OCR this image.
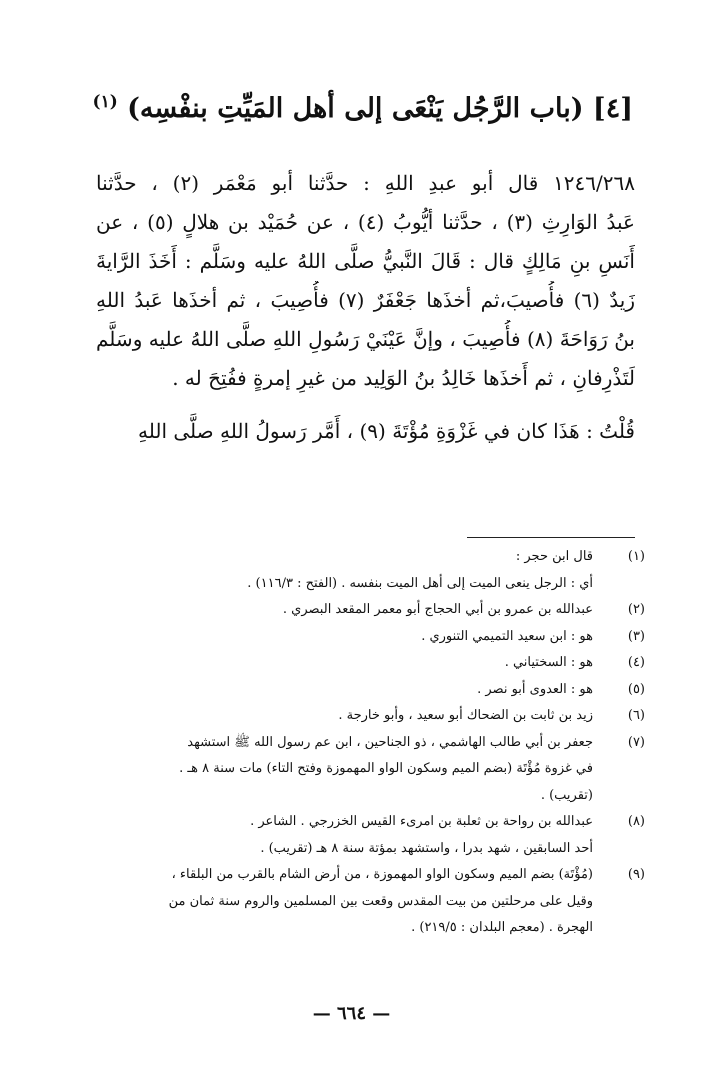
[٤] (باب الرَّجُل يَنْعَى إلى أهل المَيِّتِ بنفْسِه) $^{(١)}$
١٢٤٦/٢٦٨ قال أبو عبدِ اللهِ : حدَّثنا أبو مَعْمَر (٢) ، حدَّثنا
عَبدُ الوَارِثِ (٣) ، حدَّثنا أيُّوبُ (٤) ، عن حُمَيْد بن هلالٍ (٥) ، عن
أَنَسِ بنِ مَالِكٍ قال : قَالَ النَّبيُّ صلَّى اللهُ عليه وسَلَّم : أَخَذَ الرَّايةَ
زَيدٌ (٦) فأُصيبَ،ثم أخذَها جَعْفَرٌ (٧) فأُصِيبَ ، ثم أخذَها عَبدُ اللهِ
بنُ رَوَاحَةَ (٨) فأُصِيبَ ، وإنَّ عَيْنَيْ رَسُولِ اللهِ صلَّى اللهُ عليه وسَلَّم
لَتَذْرِفانِ ، ثم أَخذَها خَالِدُ بنُ الوَلِيد من غيرِ إمرةٍ ففُتِحَ له .
قُلْتُ : هَذَا كان في غَزْوَةِ مُؤْتَةَ (٩) ، أَمَّر رَسولُ اللهِ صلَّى اللهِ
(١)
قال ابن حجر :
أي : الرجل ينعى الميت إلى أهل الميت بنفسه . (الفتح : ١١٦/٣) .
(٢)
عبدالله بن عمرو بن أبي الحجاج أبو معمر المقعد البصري .
(٣)
هو : ابن سعيد التميمي التنوري .
(٤)
هو : السختياني .
(٥)
هو : العدوى أبو نصر .
(٦)
زيد بن ثابت بن الضحاك أبو سعيد ، وأبو خارجة .
(٧)
جعفر بن أبي طالب الهاشمي ، ذو الجناحين ، ابن عم رسول الله ﷺ استشهد
في غزوة مُؤْتَة (بضم الميم وسكون الواو المهموزة وفتح التاء) مات سنة ٨ هـ .
(تقريب) .
(٨)
عبدالله بن رواحة بن ثعلبة بن امرىء القيس الخزرجي . الشاعر .
أحد السابقين ، شهد بدرا ، واستشهد بمؤتة سنة ٨ هـ (تقريب) .
(٩)
(مُؤْتَة) بضم الميم وسكون الواو المهموزة ، من أرض الشام بالقرب من البلقاء ،
وقيل على مرحلتين من بيت المقدس وقعت بين المسلمين والروم سنة ثمان من
الهجرة . (معجم البلدان : ٢١٩/٥) .
— ٦٦٤ —
